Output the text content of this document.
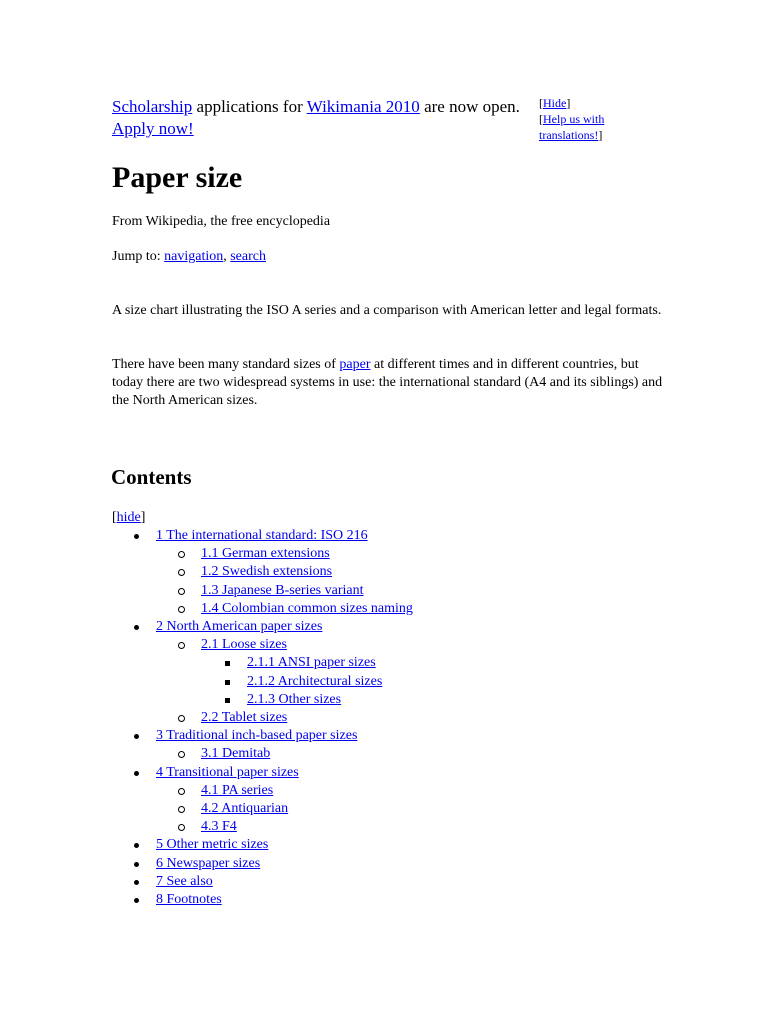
Scholarship applications for Wikimania 2010 are now open. Apply now!
[Hide]
[Help us with translations!]
Paper size
From Wikipedia, the free encyclopedia
Jump to: navigation, search
A size chart illustrating the ISO A series and a comparison with American letter and legal formats.
There have been many standard sizes of paper at different times and in different countries, but today there are two widespread systems in use: the international standard (A4 and its siblings) and the North American sizes.
Contents
[hide]
1 The international standard: ISO 216
1.1 German extensions
1.2 Swedish extensions
1.3 Japanese B-series variant
1.4 Colombian common sizes naming
2 North American paper sizes
2.1 Loose sizes
2.1.1 ANSI paper sizes
2.1.2 Architectural sizes
2.1.3 Other sizes
2.2 Tablet sizes
3 Traditional inch-based paper sizes
3.1 Demitab
4 Transitional paper sizes
4.1 PA series
4.2 Antiquarian
4.3 F4
5 Other metric sizes
6 Newspaper sizes
7 See also
8 Footnotes
